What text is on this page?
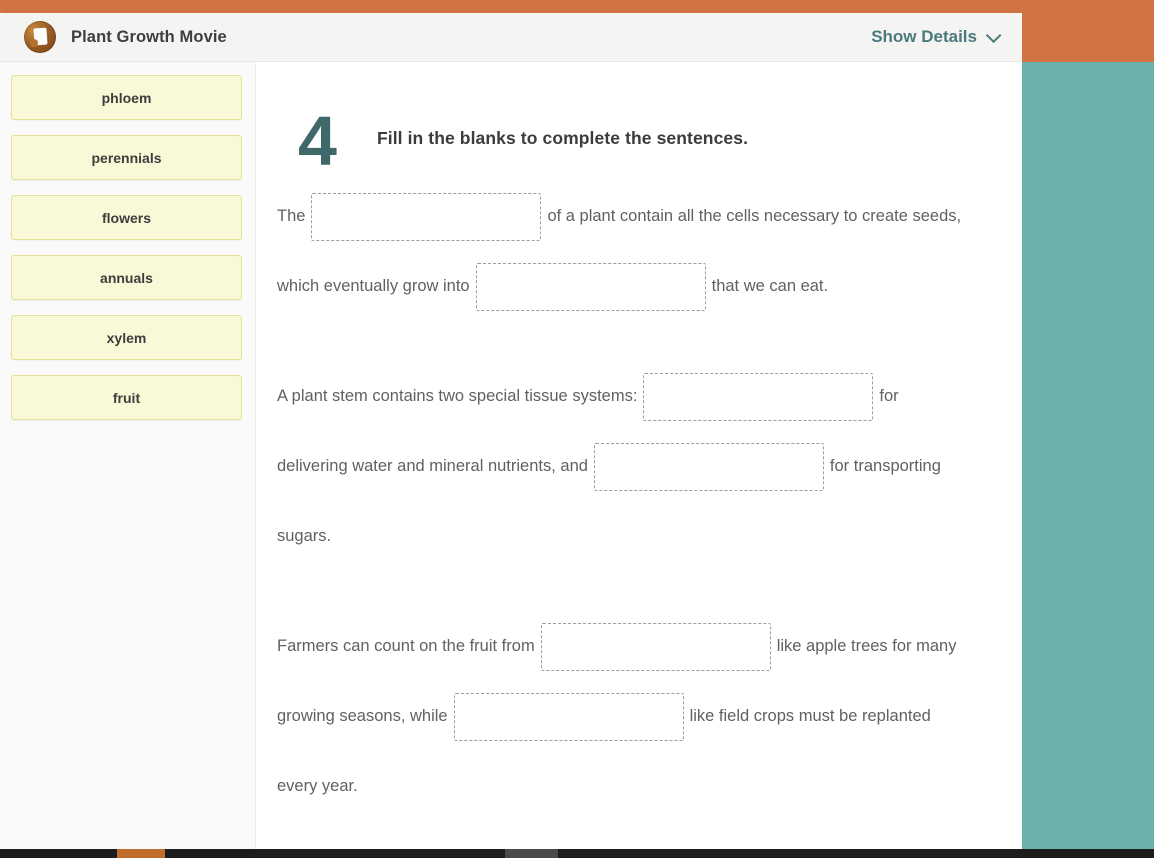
Plant Growth Movie	Show Details
phloem
perennials
flowers
annuals
xylem
fruit
4 Fill in the blanks to complete the sentences.
The	of a plant contain all the cells necessary to create seeds,
which eventually grow into	that we can eat.
A plant stem contains two special tissue systems:	for
delivering water and mineral nutrients, and	for transporting
sugars.
Farmers can count on the fruit from	like apple trees for many
growing seasons, while	like field crops must be replanted
every year.
